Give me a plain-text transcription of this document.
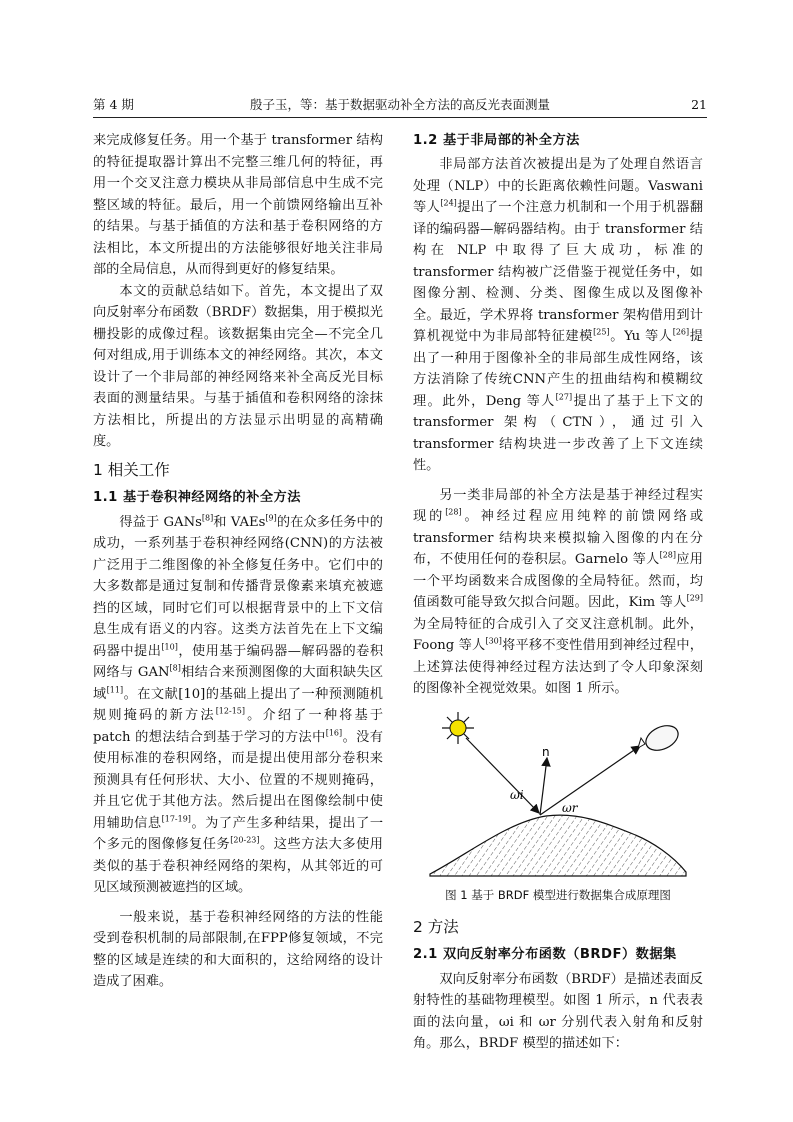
第 4 期	殷子玉，等：基于数据驱动补全方法的高反光表面测量	21

来完成修复任务。用一个基于 transformer 结构的特征提取器计算出不完整三维几何的特征，再用一个交叉注意力模块从非局部信息中生成不完整区域的特征。最后，用一个前馈网络输出互补的结果。与基于插值的方法和基于卷积网络的方法相比，本文所提出的方法能够很好地关注非局部的全局信息，从而得到更好的修复结果。

本文的贡献总结如下。首先，本文提出了双向反射率分布函数（BRDF）数据集，用于模拟光栅投影的成像过程。该数据集由完全—不完全几何对组成,用于训练本文的神经网络。其次，本文设计了一个非局部的神经网络来补全高反光目标表面的测量结果。与基于插值和卷积网络的涂抹方法相比，所提出的方法显示出明显的高精确度。

1 相关工作
1.1 基于卷积神经网络的补全方法

得益于 GANs[8]和 VAEs[9]的在众多任务中的成功，一系列基于卷积神经网络(CNN)的方法被广泛用于二维图像的补全修复任务中。它们中的大多数都是通过复制和传播背景像素来填充被遮挡的区域，同时它们可以根据背景中的上下文信息生成有语义的内容。这类方法首先在上下文编码器中提出[10]，使用基于编码器—解码器的卷积网络与 GAN[8]相结合来预测图像的大面积缺失区域[11]。在文献[10]的基础上提出了一种预测随机规则掩码的新方法[12-15]。介绍了一种将基于 patch 的想法结合到基于学习的方法中[16]。没有使用标准的卷积网络，而是提出使用部分卷积来预测具有任何形状、大小、位置的不规则掩码，并且它优于其他方法。然后提出在图像绘制中使用辅助信息[17-19]。为了产生多种结果，提出了一个多元的图像修复任务[20-23]。这些方法大多使用类似的基于卷积神经网络的架构，从其邻近的可见区域预测被遮挡的区域。

一般来说，基于卷积神经网络的方法的性能受到卷积机制的局部限制,在FPP修复领域，不完整的区域是连续的和大面积的，这给网络的设计造成了困难。

1.2 基于非局部的补全方法

非局部方法首次被提出是为了处理自然语言处理（NLP）中的长距离依赖性问题。Vaswani 等人[24]提出了一个注意力机制和一个用于机器翻译的编码器—解码器结构。由于 transformer 结构在 NLP 中取得了巨大成功，标准的 transformer 结构被广泛借鉴于视觉任务中，如图像分割、检测、分类、图像生成以及图像补全。最近，学术界将 transformer 架构借用到计算机视觉中为非局部特征建模[25]。Yu 等人[26]提出了一种用于图像补全的非局部生成性网络，该方法消除了传统CNN产生的扭曲结构和模糊纹理。此外，Deng 等人[27]提出了基于上下文的 transformer 架构（CTN），通过引入 transformer 结构块进一步改善了上下文连续性。

另一类非局部的补全方法是基于神经过程实现的[28]。神经过程应用纯粹的前馈网络或 transformer 结构块来模拟输入图像的内在分布，不使用任何的卷积层。Garnelo 等人[28]应用一个平均函数来合成图像的全局特征。然而，均值函数可能导致欠拟合问题。因此，Kim 等人[29]为全局特征的合成引入了交叉注意机制。此外，Foong 等人[30]将平移不变性借用到神经过程中，上述算法使得神经过程方法达到了令人印象深刻的图像补全视觉效果。如图 1 所示。

n
ωi
ωr
图 1 基于 BRDF 模型进行数据集合成原理图
2 方法
2.1 双向反射率分布函数（BRDF）数据集

双向反射率分布函数（BRDF）是描述表面反射特性的基础物理模型。如图 1 所示，n 代表表面的法向量，ωi 和 ωr 分别代表入射角和反射角。那么，BRDF 模型的描述如下：
